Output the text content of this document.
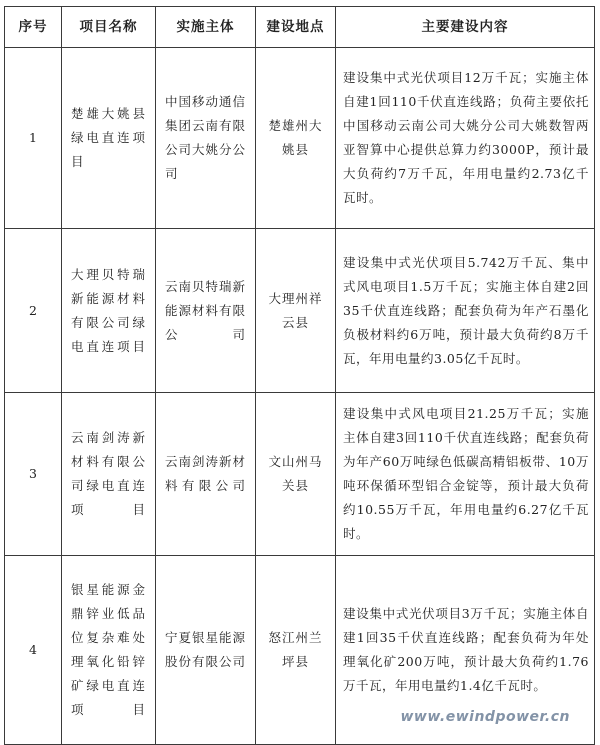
序号	项目名称	实施主体	建设地点	主要建设内容
1	楚雄大姚县绿电直连项目	中国移动通信集团云南有限公司大姚分公司	楚雄州大姚县	建设集中式光伏项目12万千瓦；实施主体自建1回110千伏直连线路；负荷主要依托中国移动云南公司大姚分公司大姚数智两亚智算中心提供总算力约3000P，预计最大负荷约7万千瓦，年用电量约2.73亿千瓦时。
2	大理贝特瑞新能源材料有限公司绿电直连项目	云南贝特瑞新能源材料有限公司	大理州祥云县	建设集中式光伏项目5.742万千瓦、集中式风电项目1.5万千瓦；实施主体自建2回35千伏直连线路；配套负荷为年产石墨化负极材料约6万吨，预计最大负荷约8万千瓦，年用电量约3.05亿千瓦时。
3	云南剑涛新材料有限公司绿电直连项目	云南剑涛新材料有限公司	文山州马关县	建设集中式风电项目21.25万千瓦；实施主体自建3回110千伏直连线路；配套负荷为年产60万吨绿色低碳高精铝板带、10万吨环保循环型铝合金锭等，预计最大负荷约10.55万千瓦，年用电量约6.27亿千瓦时。
4	银星能源金鼎锌业低品位复杂难处理氧化铅锌矿绿电直连项目	宁夏银星能源股份有限公司	怒江州兰坪县	建设集中式光伏项目3万千瓦；实施主体自建1回35千伏直连线路；配套负荷为年处理氧化矿200万吨，预计最大负荷约1.76万千瓦，年用电量约1.4亿千瓦时。
www.ewindpower.cn
